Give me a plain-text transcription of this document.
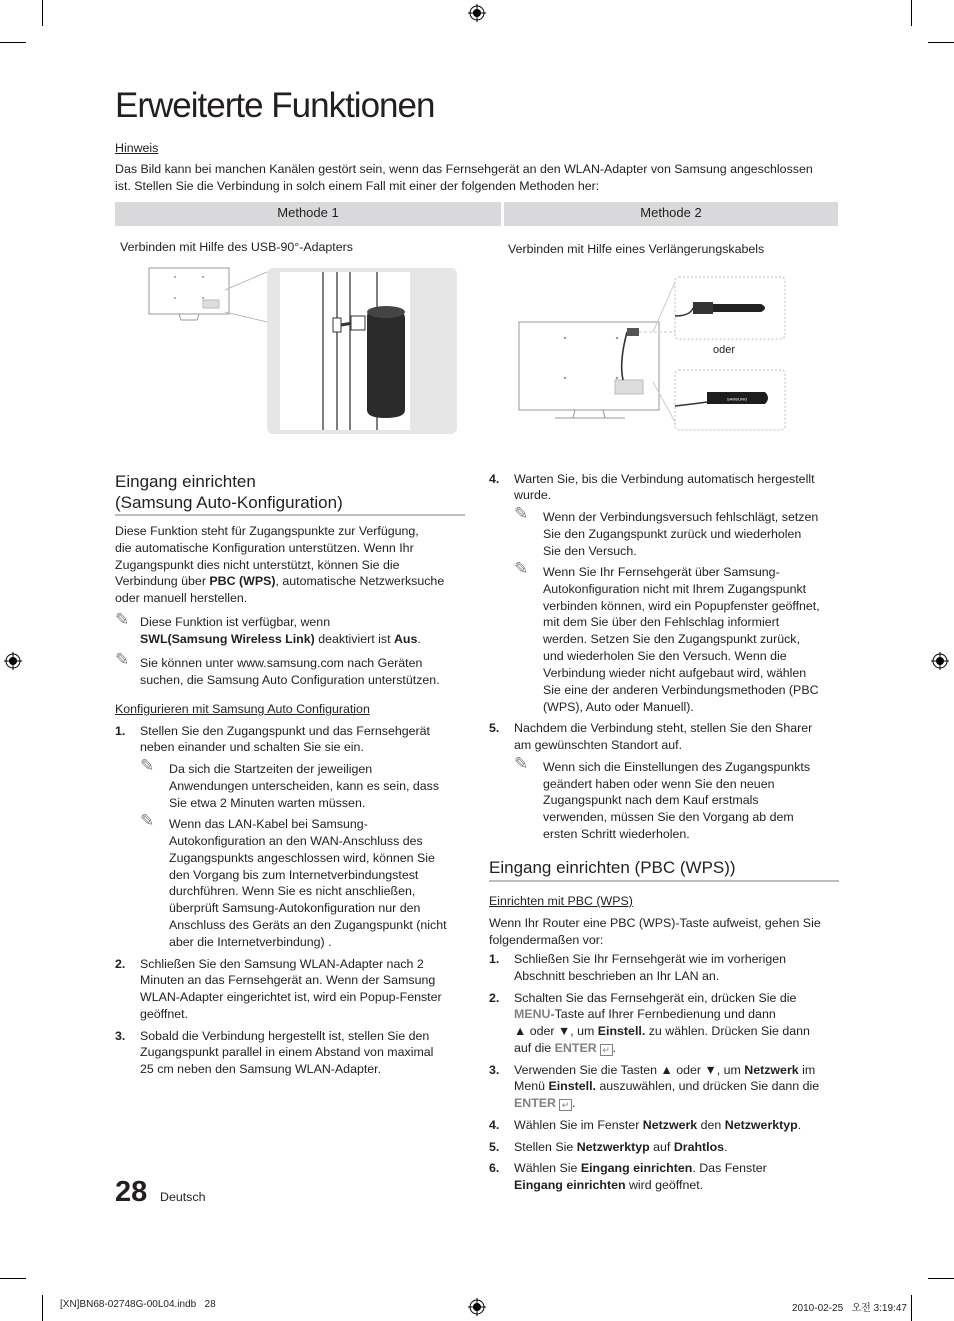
Erweiterte Funktionen
Hinweis
Das Bild kann bei manchen Kanälen gestört sein, wenn das Fernsehgerät an den WLAN-Adapter von Samsung angeschlossen
ist. Stellen Sie die Verbindung in solch einem Fall mit einer der folgenden Methoden her:
Methode 1	Methode 2
Verbinden mit Hilfe des USB-90°-Adapters	Verbinden mit Hilfe eines Verlängerungskabels
SAMSUNG
oder
Eingang einrichten
(Samsung Auto-Konfiguration)
Diese Funktion steht für Zugangspunkte zur Verfügung,
die automatische Konfiguration unterstützen. Wenn Ihr
Zugangspunkt dies nicht unterstützt, können Sie die
Verbindung über PBC (WPS), automatische Netzwerksuche
oder manuell herstellen.
✎ Diese Funktion ist verfügbar, wenn
SWL(Samsung Wireless Link) deaktiviert ist Aus.
✎ Sie können unter www.samsung.com nach Geräten
suchen, die Samsung Auto Configuration unterstützen.
Konfigurieren mit Samsung Auto Configuration
1. Stellen Sie den Zugangspunkt und das Fernsehgerät
neben einander und schalten Sie sie ein.
✎ Da sich die Startzeiten der jeweiligen
Anwendungen unterscheiden, kann es sein, dass
Sie etwa 2 Minuten warten müssen.
✎ Wenn das LAN-Kabel bei Samsung-
Autokonfiguration an den WAN-Anschluss des
Zugangspunkts angeschlossen wird, können Sie
den Vorgang bis zum Internetverbindungstest
durchführen. Wenn Sie es nicht anschließen,
überprüft Samsung-Autokonfiguration nur den
Anschluss des Geräts an den Zugangspunkt (nicht
aber die Internetverbindung) .
2. Schließen Sie den Samsung WLAN-Adapter nach 2
Minuten an das Fernsehgerät an. Wenn der Samsung
WLAN-Adapter eingerichtet ist, wird ein Popup-Fenster
geöffnet.
3. Sobald die Verbindung hergestellt ist, stellen Sie den
Zugangspunkt parallel in einem Abstand von maximal
25 cm neben den Samsung WLAN-Adapter.
4. Warten Sie, bis die Verbindung automatisch hergestellt
wurde.
✎ Wenn der Verbindungsversuch fehlschlägt, setzen
Sie den Zugangspunkt zurück und wiederholen
Sie den Versuch.
✎ Wenn Sie Ihr Fernsehgerät über Samsung-
Autokonfiguration nicht mit Ihrem Zugangspunkt
verbinden können, wird ein Popupfenster geöffnet,
mit dem Sie über den Fehlschlag informiert
werden. Setzen Sie den Zugangspunkt zurück,
und wiederholen Sie den Versuch. Wenn die
Verbindung wieder nicht aufgebaut wird, wählen
Sie eine der anderen Verbindungsmethoden (PBC
(WPS), Auto oder Manuell).
5. Nachdem die Verbindung steht, stellen Sie den Sharer
am gewünschten Standort auf.
✎ Wenn sich die Einstellungen des Zugangspunkts
geändert haben oder wenn Sie den neuen
Zugangspunkt nach dem Kauf erstmals
verwenden, müssen Sie den Vorgang ab dem
ersten Schritt wiederholen.
Eingang einrichten (PBC (WPS))
Einrichten mit PBC (WPS)
Wenn Ihr Router eine PBC (WPS)-Taste aufweist, gehen Sie
folgendermaßen vor:
1. Schließen Sie Ihr Fernsehgerät wie im vorherigen
Abschnitt beschrieben an Ihr LAN an.
2. Schalten Sie das Fernsehgerät ein, drücken Sie die
MENU-Taste auf Ihrer Fernbedienung und dann
▲ oder ▼, um Einstell. zu wählen. Drücken Sie dann
auf die ENTER ↵ .
3. Verwenden Sie die Tasten ▲ oder ▼, um Netzwerk im
Menü Einstell. auszuwählen, und drücken Sie dann die
ENTER ↵ .
4. Wählen Sie im Fenster Netzwerk den Netzwerktyp.
5. Stellen Sie Netzwerktyp auf Drahtlos.
6. Wählen Sie Eingang einrichten. Das Fenster
Eingang einrichten wird geöffnet.
28 Deutsch
[XN]BN68-02748G-00L04.indb   28	2010-02-25   오전 3:19:47
